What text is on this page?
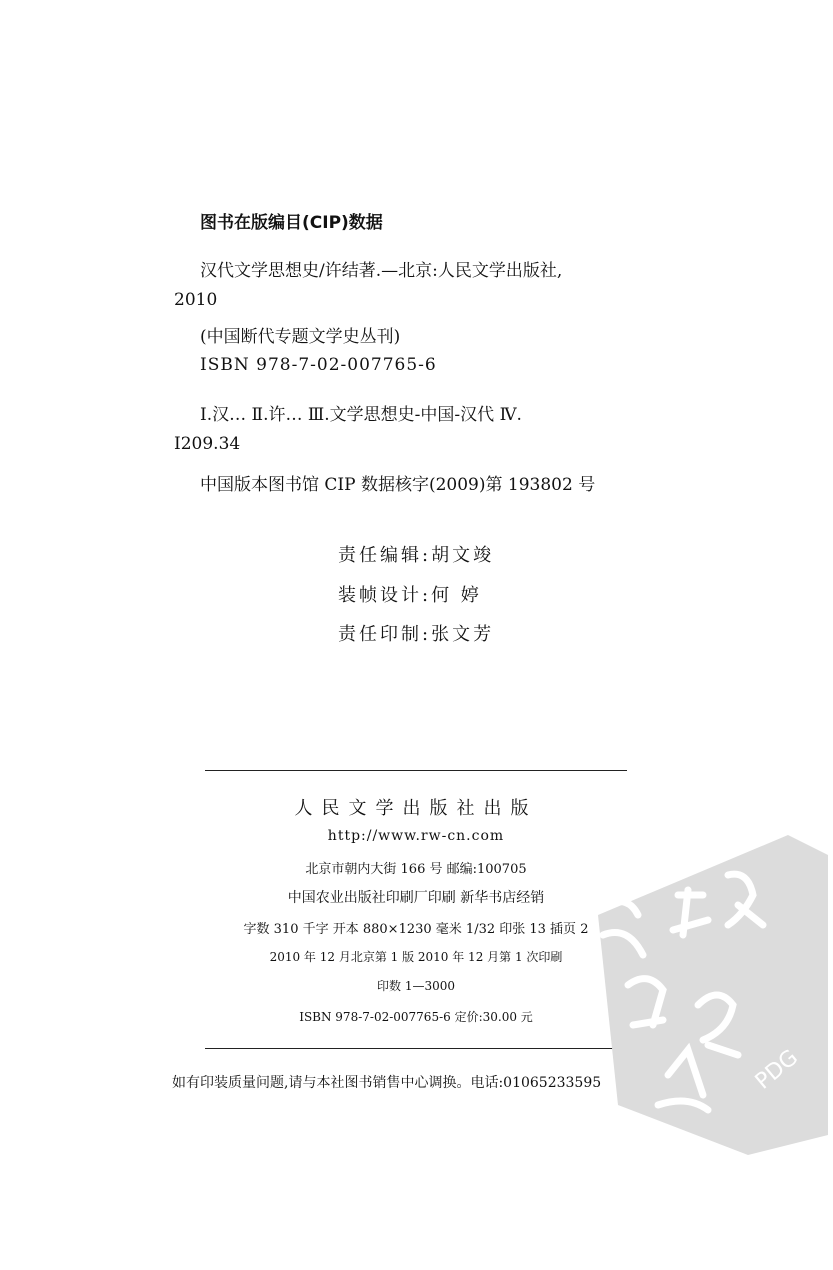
图书在版编目(CIP)数据
汉代文学思想史/许结著.—北京:人民文学出版社,
2010
(中国断代专题文学史丛刊)
ISBN 978-7-02-007765-6
Ⅰ.汉… Ⅱ.许… Ⅲ.文学思想史-中国-汉代 Ⅳ.
Ⅰ209.34
中国版本图书馆 CIP 数据核字(2009)第 193802 号
责任编辑:胡文竣
装帧设计:何 婷
责任印制:张文芳
人民文学出版社出版
http://www.rw-cn.com
北京市朝内大街 166 号 邮编:100705
中国农业出版社印刷厂印刷 新华书店经销
字数 310 千字 开本 880×1230 毫米 1/32 印张 13 插页 2
2010 年 12 月北京第 1 版 2010 年 12 月第 1 次印刷
印数 1—3000
ISBN 978-7-02-007765-6 定价:30.00 元
如有印装质量问题,请与本社图书销售中心调换。电话:01065233595	PDG
